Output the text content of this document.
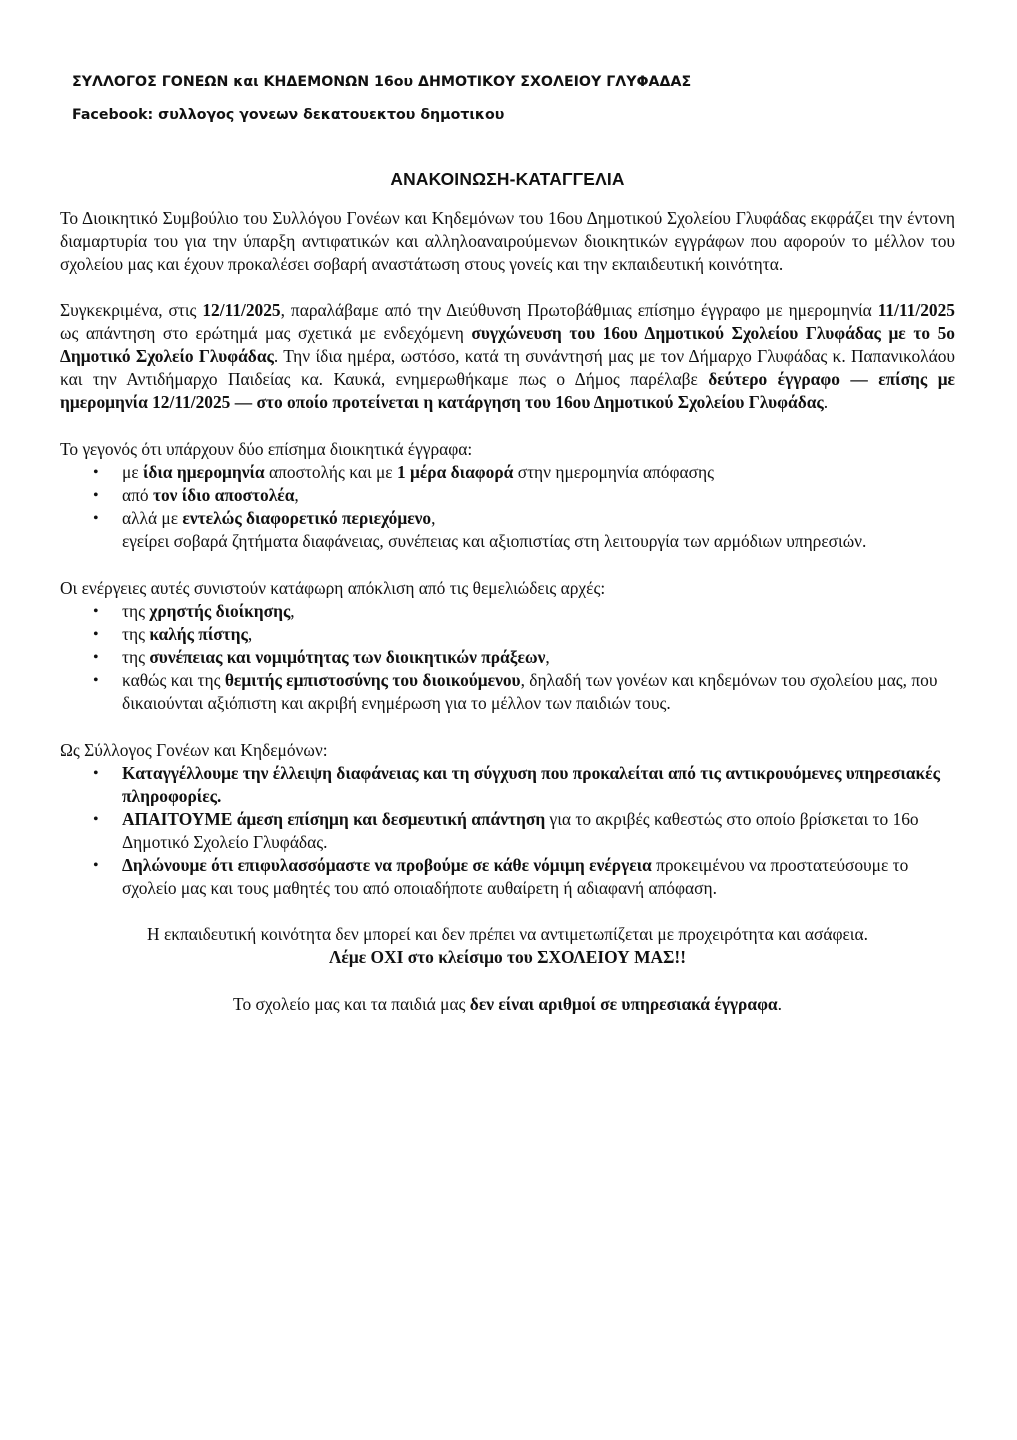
ΣΥΛΛΟΓΟΣ ΓΟΝΕΩΝ και ΚΗΔΕΜΟΝΩΝ 16ου ΔΗΜΟΤΙΚΟΥ ΣΧΟΛΕΙΟΥ ΓΛΥΦΑΔΑΣ

Facebook: συλλογος γονεων δεκατουεκτου δημοτικου

ΑΝΑΚΟΙΝΩΣΗ-ΚΑΤΑΓΓΕΛΙΑ

Το Διοικητικό Συμβούλιο του Συλλόγου Γονέων και Κηδεμόνων του 16ου Δημοτικού Σχολείου Γλυφάδας εκφράζει την έντονη διαμαρτυρία του για την ύπαρξη αντιφατικών και αλληλοαναιρούμενων διοικητικών εγγράφων που αφορούν το μέλλον του σχολείου μας και έχουν προκαλέσει σοβαρή αναστάτωση στους γονείς και την εκπαιδευτική κοινότητα.

Συγκεκριμένα, στις 12/11/2025, παραλάβαμε από την Διεύθυνση Πρωτοβάθμιας επίσημο έγγραφο με ημερομηνία 11/11/2025 ως απάντηση στο ερώτημά μας σχετικά με ενδεχόμενη συγχώνευση του 16ου Δημοτικού Σχολείου Γλυφάδας με το 5ο Δημοτικό Σχολείο Γλυφάδας. Την ίδια ημέρα, ωστόσο, κατά τη συνάντησή μας με τον Δήμαρχο Γλυφάδας κ. Παπανικολάου και την Αντιδήμαρχο Παιδείας κα. Καυκά, ενημερωθήκαμε πως ο Δήμος παρέλαβε δεύτερο έγγραφο — επίσης με ημερομηνία 12/11/2025 — στο οποίο προτείνεται η κατάργηση του 16ου Δημοτικού Σχολείου Γλυφάδας.

Το γεγονός ότι υπάρχουν δύο επίσημα διοικητικά έγγραφα:

• με ίδια ημερομηνία αποστολής και με 1 μέρα διαφορά στην ημερομηνία απόφασης
• από τον ίδιο αποστολέα,
• αλλά με εντελώς διαφορετικό περιεχόμενο,
εγείρει σοβαρά ζητήματα διαφάνειας, συνέπειας και αξιοπιστίας στη λειτουργία των αρμόδιων υπηρεσιών.

Οι ενέργειες αυτές συνιστούν κατάφωρη απόκλιση από τις θεμελιώδεις αρχές:

• της χρηστής διοίκησης,
• της καλής πίστης,
• της συνέπειας και νομιμότητας των διοικητικών πράξεων,
• καθώς και της θεμιτής εμπιστοσύνης του διοικούμενου, δηλαδή των γονέων και κηδεμόνων του σχολείου μας, που δικαιούνται αξιόπιστη και ακριβή ενημέρωση για το μέλλον των παιδιών τους.

Ως Σύλλογος Γονέων και Κηδεμόνων:

• Καταγγέλλουμε την έλλειψη διαφάνειας και τη σύγχυση που προκαλείται από τις αντικρουόμενες υπηρεσιακές πληροφορίες.
• ΑΠΑΙΤΟΥΜΕ άμεση επίσημη και δεσμευτική απάντηση για το ακριβές καθεστώς στο οποίο βρίσκεται το 16ο Δημοτικό Σχολείο Γλυφάδας.
• Δηλώνουμε ότι επιφυλασσόμαστε να προβούμε σε κάθε νόμιμη ενέργεια προκειμένου να προστατεύσουμε το σχολείο μας και τους μαθητές του από οποιαδήποτε αυθαίρετη ή αδιαφανή απόφαση.

Η εκπαιδευτική κοινότητα δεν μπορεί και δεν πρέπει να αντιμετωπίζεται με προχειρότητα και ασάφεια.

Λέμε ΟΧΙ στο κλείσιμο του ΣΧΟΛΕΙΟΥ ΜΑΣ!!

Το σχολείο μας και τα παιδιά μας δεν είναι αριθμοί σε υπηρεσιακά έγγραφα.
